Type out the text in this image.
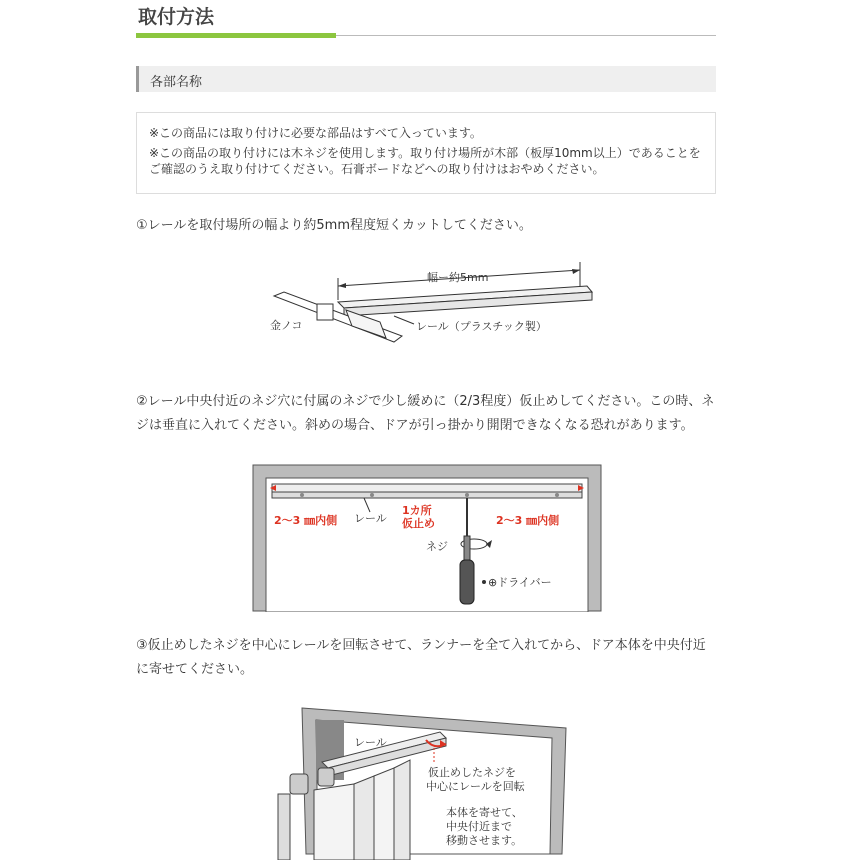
取付方法
各部名称

※この商品には取り付けに必要な部品はすべて入っています。

※この商品の取り付けには木ネジを使用します。取り付け場所が木部（板厚10mm以上）であることを

ご確認のうえ取り付けてください。石膏ボードなどへの取り付けはおやめください。

①レールを取付場所の幅より約5mm程度短くカットしてください。
幅ー約5mm
金ノコ	レール（プラスチック製）
②レール中央付近のネジ穴に付属のネジで少し緩めに（2/3程度）仮止めしてください。この時、ネ
ジは垂直に入れてください。斜めの場合、ドアが引っ掛かり開閉できなくなる恐れがあります。
2〜3 ㎜内側 レール
1カ所
仮止め	2〜3 ㎜内側
ネジ
⊕ドライバー
③仮止めしたネジを中心にレールを回転させて、ランナーを全て入れてから、ドア本体を中央付近
に寄せてください。
レール
仮止めしたネジを
中心にレールを回転
本体を寄せて、
中央付近まで
移動させます。
